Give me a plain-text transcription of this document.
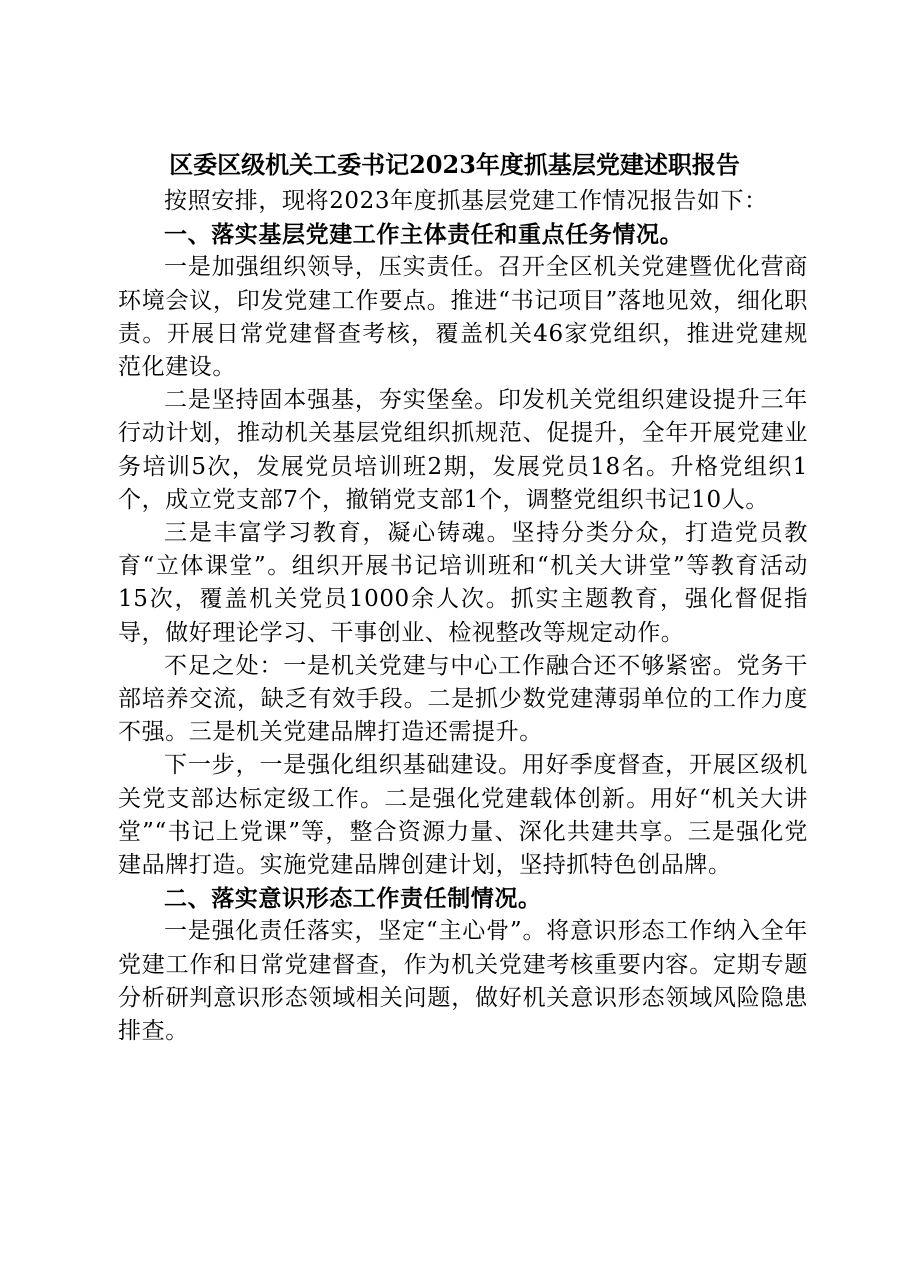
区委区级机关工委书记2023年度抓基层党建述职报告

按照安排，现将2023年度抓基层党建工作情况报告如下：

一、落实基层党建工作主体责任和重点任务情况。

一是加强组织领导，压实责任。召开全区机关党建暨优化营商环境会议，印发党建工作要点。推进“书记项目”落地见效，细化职责。开展日常党建督查考核，覆盖机关46家党组织，推进党建规范化建设。

二是坚持固本强基，夯实堡垒。印发机关党组织建设提升三年行动计划，推动机关基层党组织抓规范、促提升，全年开展党建业务培训5次，发展党员培训班2期，发展党员18名。升格党组织1个，成立党支部7个，撤销党支部1个，调整党组织书记10人。

三是丰富学习教育，凝心铸魂。坚持分类分众，打造党员教育“立体课堂”。组织开展书记培训班和“机关大讲堂”等教育活动15次，覆盖机关党员1000余人次。抓实主题教育，强化督促指导，做好理论学习、干事创业、检视整改等规定动作。

不足之处：一是机关党建与中心工作融合还不够紧密。党务干部培养交流，缺乏有效手段。二是抓少数党建薄弱单位的工作力度不强。三是机关党建品牌打造还需提升。

下一步，一是强化组织基础建设。用好季度督查，开展区级机关党支部达标定级工作。二是强化党建载体创新。用好“机关大讲堂”“书记上党课”等，整合资源力量、深化共建共享。三是强化党建品牌打造。实施党建品牌创建计划，坚持抓特色创品牌。

二、落实意识形态工作责任制情况。

一是强化责任落实，坚定“主心骨”。将意识形态工作纳入全年党建工作和日常党建督查，作为机关党建考核重要内容。定期专题分析研判意识形态领域相关问题，做好机关意识形态领域风险隐患排查。
